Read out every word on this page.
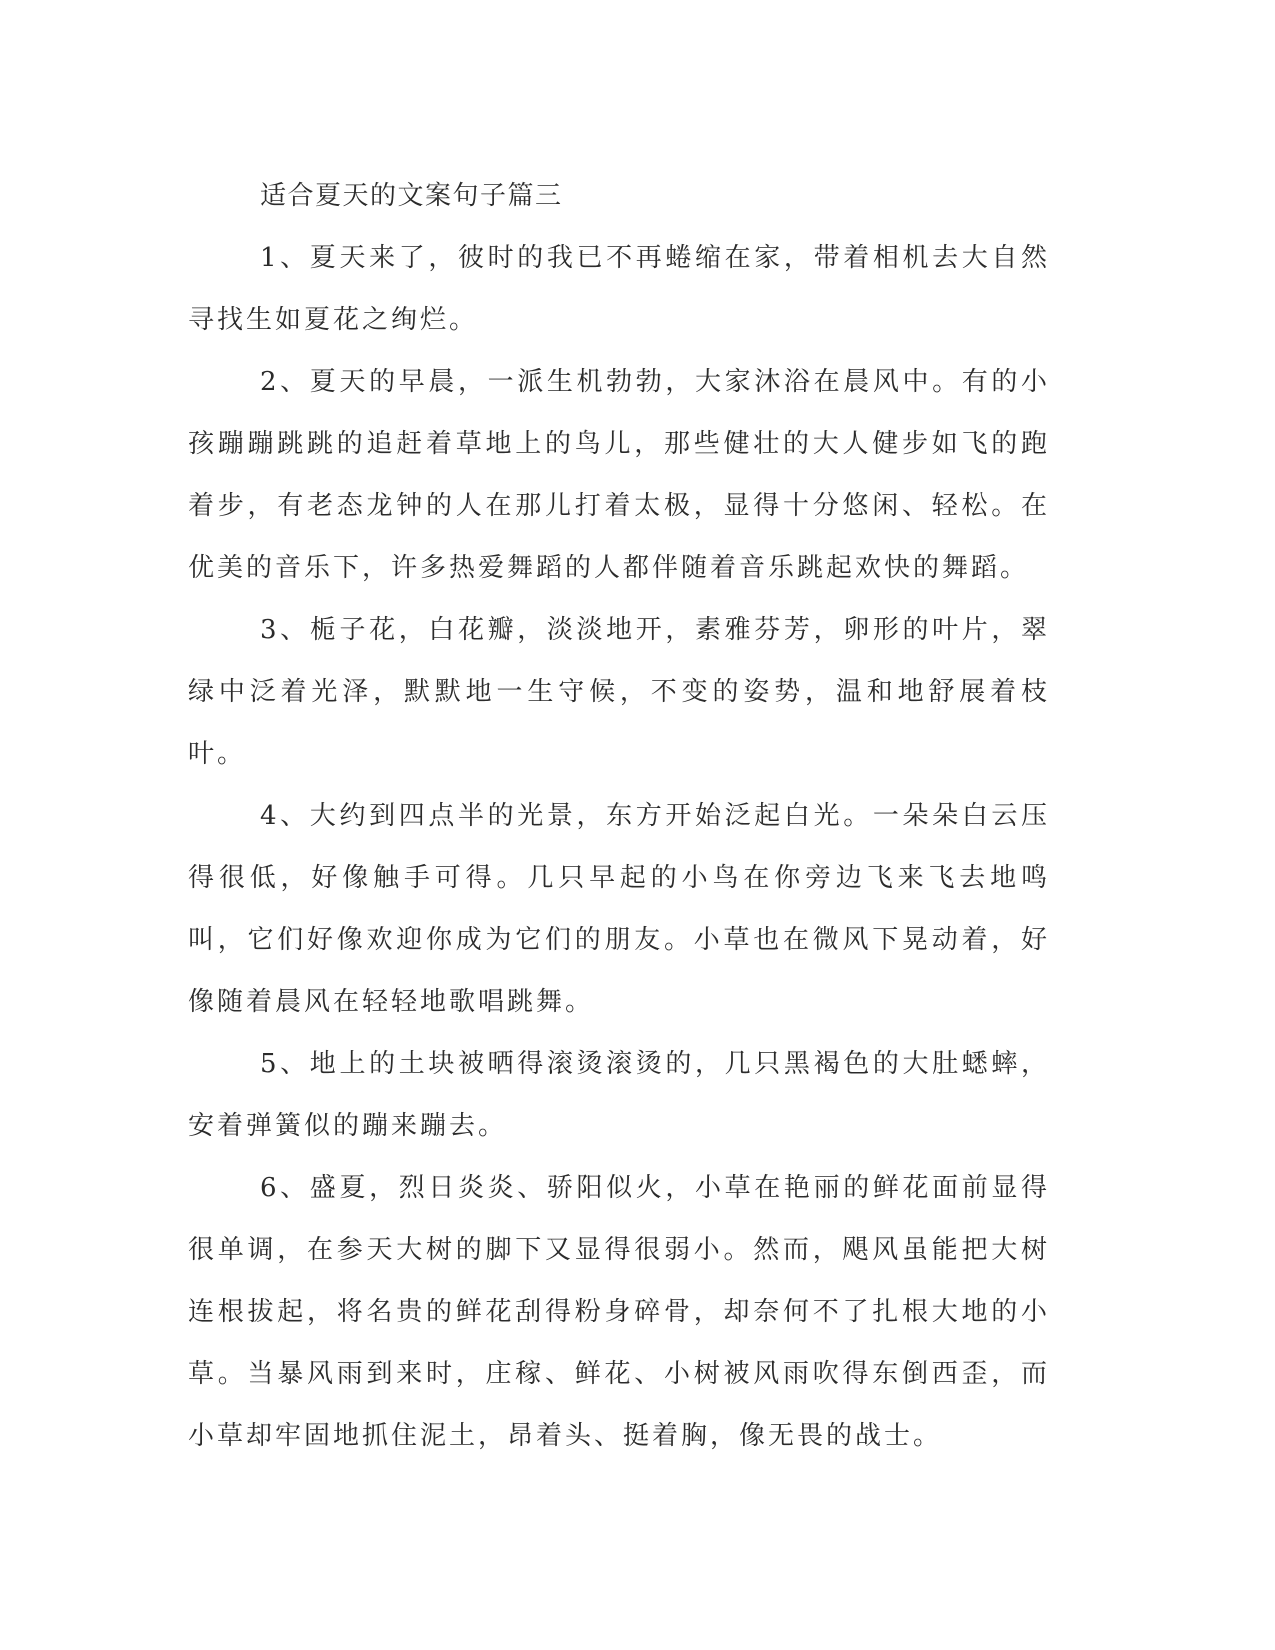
适合夏天的文案句子篇三

1、夏天来了，彼时的我已不再蜷缩在家，带着相机去大自然寻找生如夏花之绚烂。

2、夏天的早晨，一派生机勃勃，大家沐浴在晨风中。有的小孩蹦蹦跳跳的追赶着草地上的鸟儿，那些健壮的大人健步如飞的跑着步，有老态龙钟的人在那儿打着太极，显得十分悠闲、轻松。在优美的音乐下，许多热爱舞蹈的人都伴随着音乐跳起欢快的舞蹈。

3、栀子花，白花瓣，淡淡地开，素雅芬芳，卵形的叶片，翠绿中泛着光泽，默默地一生守候，不变的姿势，温和地舒展着枝叶。

4、大约到四点半的光景，东方开始泛起白光。一朵朵白云压得很低，好像触手可得。几只早起的小鸟在你旁边飞来飞去地鸣叫，它们好像欢迎你成为它们的朋友。小草也在微风下晃动着，好像随着晨风在轻轻地歌唱跳舞。

5、地上的土块被晒得滚烫滚烫的，几只黑褐色的大肚蟋蟀，安着弹簧似的蹦来蹦去。

6、盛夏，烈日炎炎、骄阳似火，小草在艳丽的鲜花面前显得很单调，在参天大树的脚下又显得很弱小。然而，飓风虽能把大树连根拔起，将名贵的鲜花刮得粉身碎骨，却奈何不了扎根大地的小草。当暴风雨到来时，庄稼、鲜花、小树被风雨吹得东倒西歪，而小草却牢固地抓住泥土，昂着头、挺着胸，像无畏的战士。
